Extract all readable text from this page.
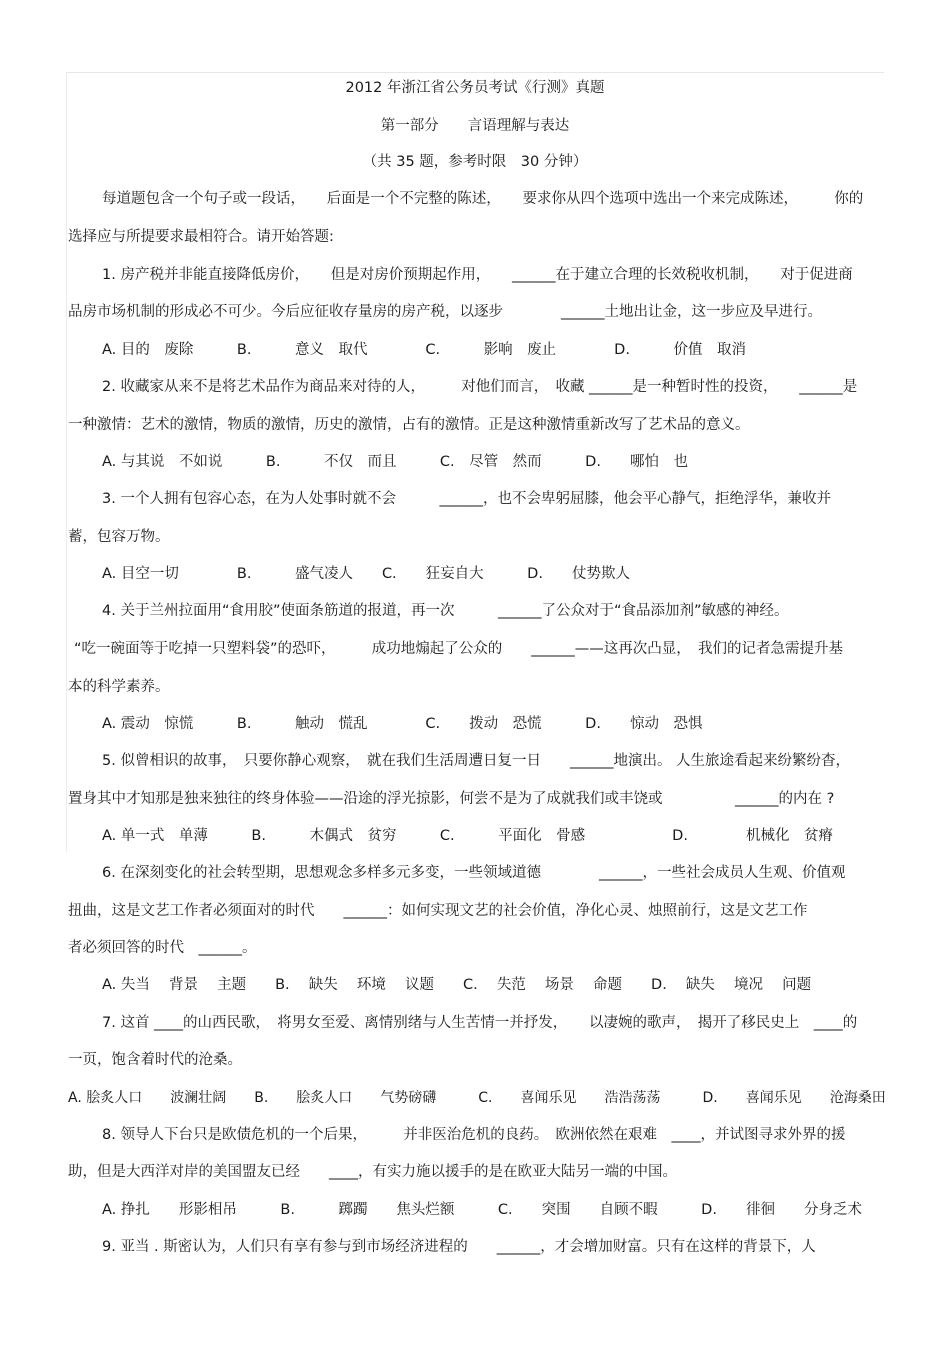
2012 年浙江省公务员考试《行测》真题
第一部分　　言语理解与表达
（共 35 题，参考时限　30 分钟）
每道题包含一个句子或一段话，　　后面是一个不完整的陈述，　　要求你从四个选项中选出一个来完成陈述，　　　你的
选择应与所提要求最相符合。请开始答题:
1. 房产税并非能直接降低房价，　　但是对房价预期起作用，　　______在于建立合理的长效税收机制，　　对于促进商
品房市场机制的形成必不可少。今后应征收存量房的房产税，以逐步　　　　______土地出让金，这一步应及早进行。
A. 目的　废除　　　B.　　　意义　取代　　　　C.　　　影响　废止　　　　D.　　　价值　取消
2. 收藏家从来不是将艺术品作为商品来对待的人，　　　对他们而言，　收藏 ______是一种暂时性的投资，　　______是
一种激情：艺术的激情，物质的激情，历史的激情，占有的激情。正是这种激情重新改写了艺术品的意义。
A. 与其说　不如说　　　B.　　　不仅　而且　　　C.　尽管　然而　　　D.　　哪怕　也
3. 一个人拥有包容心态，在为人处事时就不会　　　______，也不会卑躬屈膝，他会平心静气，拒绝浮华，兼收并
蓄，包容万物。
A. 目空一切　　　　B.　　　盛气凌人　　C.　　狂妄自大　　　D.　　仗势欺人
4. 关于兰州拉面用“食用胶”使面条筋道的报道，再一次　　　______了公众对于“食品添加剂”敏感的神经。
“吃一碗面等于吃掉一只塑料袋”的恐吓，　　　成功地煽起了公众的　　______——这再次凸显，　我们的记者急需提升基
本的科学素养。
A. 震动　惊慌　　　B.　　　触动　慌乱　　　　C.　　拨动　恐慌　　　D.　　惊动　恐惧
5. 似曾相识的故事，　只要你静心观察，　就在我们生活周遭日复一日　　______地演出。 人生旅途看起来纷繁纷杳，
置身其中才知那是独来独往的终身体验——沿途的浮光掠影，何尝不是为了成就我们或丰饶或　　　　　______的内在 ?
A. 单一式　单薄　　　B.　　　木偶式　贫穷　　　C.　　　平面化　骨感　　　　　　D.　　　　机械化　贫瘠
6. 在深刻变化的社会转型期，思想观念多样多元多变，一些领域道德　　　　______，一些社会成员人生观、价值观
扭曲，这是文艺工作者必须面对的时代　　______：如何实现文艺的社会价值，净化心灵、烛照前行，这是文艺工作
者必须回答的时代　______。
A. 失当　 背景　 主题　　B.　 缺失　 环境　 议题　　C.　 失范　 场景　 命题　　D.　 缺失　 境况　 问题
7. 这首 ____的山西民歌，　将男女至爱、离情别绪与人生苦情一并抒发，　　以凄婉的歌声，　揭开了移民史上　____的
一页，饱含着时代的沧桑。
A. 脍炙人口　　波澜壮阔　　B.　　脍炙人口　　气势磅礴　　　C.　　喜闻乐见　　浩浩荡荡　　　D.　　喜闻乐见　　沧海桑田
8. 领导人下台只是欧债危机的一个后果，　　　并非医治危机的良药。　欧洲依然在艰难　____，并试图寻求外界的援
助，但是大西洋对岸的美国盟友已经　　____，有实力施以援手的是在欧亚大陆另一端的中国。
A. 挣扎　　形影相吊　　　B.　　　踯躅　　焦头烂额　　　C.　　突围　　自顾不暇　　　D.　　徘徊　　分身乏术
9. 亚当 . 斯密认为，人们只有享有参与到市场经济进程的　　______，才会增加财富。只有在这样的背景下，人
